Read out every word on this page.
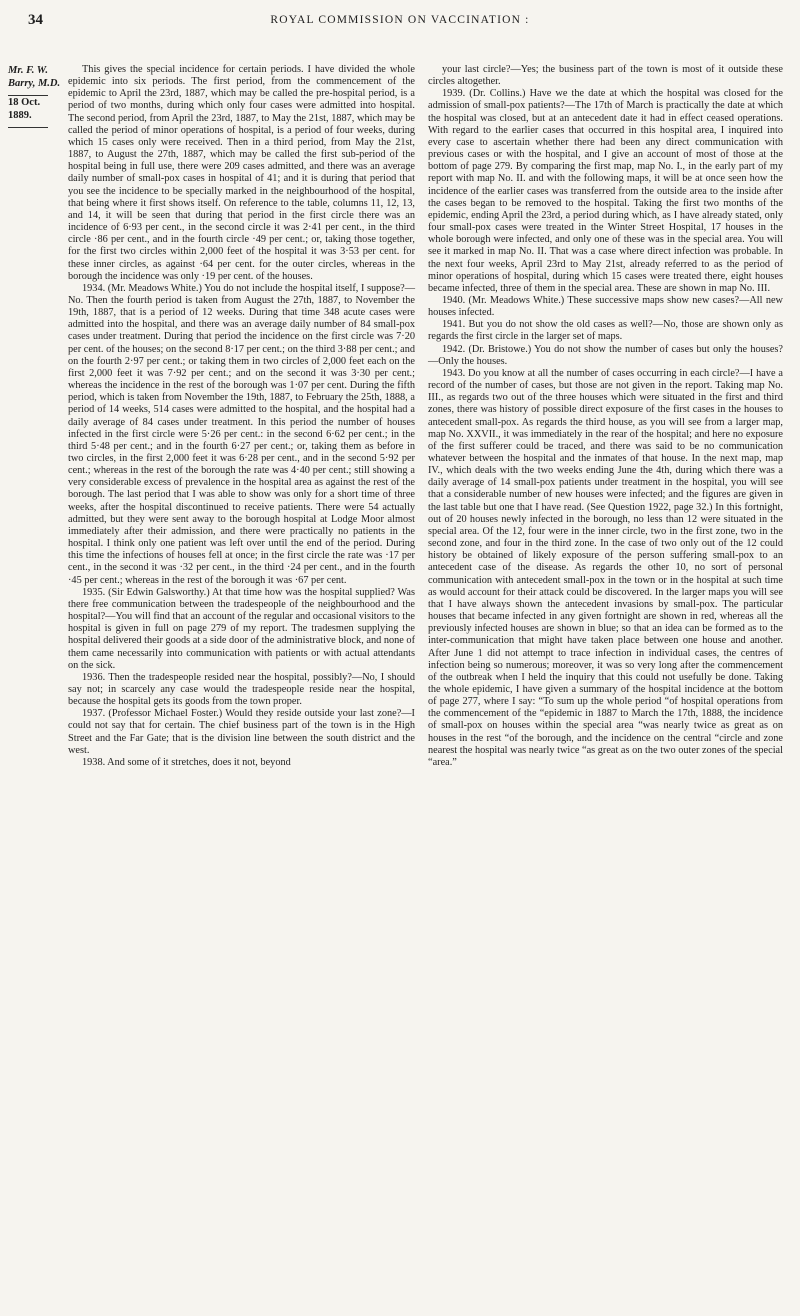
34	ROYAL COMMISSION ON VACCINATION :
Mr. F. W. Barry, M.D.
18 Oct. 1889.

This gives the special incidence for certain periods. I have divided the whole epidemic into six periods. The first period, from the commencement of the epidemic to April the 23rd, 1887, which may be called the pre-hospital period, is a period of two months, during which only four cases were admitted into hospital. The second period, from April the 23rd, 1887, to May the 21st, 1887, which may be called the period of minor operations of hospital, is a period of four weeks, during which 15 cases only were received. Then in a third period, from May the 21st, 1887, to August the 27th, 1887, which may be called the first sub-period of the hospital being in full use, there were 209 cases admitted, and there was an average daily number of small-pox cases in hospital of 41; and it is during that period that you see the incidence to be specially marked in the neighbourhood of the hospital, that being where it first shows itself. On reference to the table, columns 11, 12, 13, and 14, it will be seen that during that period in the first circle there was an incidence of 6·93 per cent., in the second circle it was 2·41 per cent., in the third circle ·86 per cent., and in the fourth circle ·49 per cent.; or, taking those together, for the first two circles within 2,000 feet of the hospital it was 3·53 per cent. for these inner circles, as against ·64 per cent. for the outer circles, whereas in the borough the incidence was only ·19 per cent. of the houses.

1934. (Mr. Meadows White.) You do not include the hospital itself, I suppose?—No. Then the fourth period is taken from August the 27th, 1887, to November the 19th, 1887, that is a period of 12 weeks. During that time 348 acute cases were admitted into the hospital, and there was an average daily number of 84 small-pox cases under treatment. During that period the incidence on the first circle was 7·20 per cent. of the houses; on the second 8·17 per cent.; on the third 3·88 per cent.; and on the fourth 2·97 per cent.; or taking them in two circles of 2,000 feet each on the first 2,000 feet it was 7·92 per cent.; and on the second it was 3·30 per cent.; whereas the incidence in the rest of the borough was 1·07 per cent. During the fifth period, which is taken from November the 19th, 1887, to February the 25th, 1888, a period of 14 weeks, 514 cases were admitted to the hospital, and the hospital had a daily average of 84 cases under treatment. In this period the number of houses infected in the first circle were 5·26 per cent.: in the second 6·62 per cent.; in the third 5·48 per cent.; and in the fourth 6·27 per cent.; or, taking them as before in two circles, in the first 2,000 feet it was 6·28 per cent., and in the second 5·92 per cent.; whereas in the rest of the borough the rate was 4·40 per cent.; still showing a very considerable excess of prevalence in the hospital area as against the rest of the borough. The last period that I was able to show was only for a short time of three weeks, after the hospital discontinued to receive patients. There were 54 actually admitted, but they were sent away to the borough hospital at Lodge Moor almost immediately after their admission, and there were practically no patients in the hospital. I think only one patient was left over until the end of the period. During this time the infections of houses fell at once; in the first circle the rate was ·17 per cent., in the second it was ·32 per cent., in the third ·24 per cent., and in the fourth ·45 per cent.; whereas in the rest of the borough it was ·67 per cent.

1935. (Sir Edwin Galsworthy.) At that time how was the hospital supplied? Was there free communication between the tradespeople of the neighbourhood and the hospital?—You will find that an account of the regular and occasional visitors to the hospital is given in full on page 279 of my report. The tradesmen supplying the hospital delivered their goods at a side door of the administrative block, and none of them came necessarily into communication with patients or with actual attendants on the sick.

1936. Then the tradespeople resided near the hospital, possibly?—No, I should say not; in scarcely any case would the tradespeople reside near the hospital, because the hospital gets its goods from the town proper.

1937. (Professor Michael Foster.) Would they reside outside your last zone?—I could not say that for certain. The chief business part of the town is in the High Street and the Far Gate; that is the division line between the south district and the west.

1938. And some of it stretches, does it not, beyond

your last circle?—Yes; the business part of the town is most of it outside these circles altogether.

1939. (Dr. Collins.) Have we the date at which the hospital was closed for the admission of small-pox patients?—The 17th of March is practically the date at which the hospital was closed, but at an antecedent date it had in effect ceased operations. With regard to the earlier cases that occurred in this hospital area, I inquired into every case to ascertain whether there had been any direct communication with previous cases or with the hospital, and I give an account of most of those at the bottom of page 279. By comparing the first map, map No. I., in the early part of my report with map No. II. and with the following maps, it will be at once seen how the incidence of the earlier cases was transferred from the outside area to the inside after the cases began to be removed to the hospital. Taking the first two months of the epidemic, ending April the 23rd, a period during which, as I have already stated, only four small-pox cases were treated in the Winter Street Hospital, 17 houses in the whole borough were infected, and only one of these was in the special area. You will see it marked in map No. II. That was a case where direct infection was probable. In the next four weeks, April 23rd to May 21st, already referred to as the period of minor operations of hospital, during which 15 cases were treated there, eight houses became infected, three of them in the special area. These are shown in map No. III.

1940. (Mr. Meadows White.) These successive maps show new cases?—All new houses infected.

1941. But you do not show the old cases as well?—No, those are shown only as regards the first circle in the larger set of maps.

1942. (Dr. Bristowe.) You do not show the number of cases but only the houses?—Only the houses.

1943. Do you know at all the number of cases occurring in each circle?—I have a record of the number of cases, but those are not given in the report. Taking map No. III., as regards two out of the three houses which were situated in the first and third zones, there was history of possible direct exposure of the first cases in the houses to antecedent small-pox. As regards the third house, as you will see from a larger map, map No. XXVII., it was immediately in the rear of the hospital; and here no exposure of the first sufferer could be traced, and there was said to be no communication whatever between the hospital and the inmates of that house. In the next map, map IV., which deals with the two weeks ending June the 4th, during which there was a daily average of 14 small-pox patients under treatment in the hospital, you will see that a considerable number of new houses were infected; and the figures are given in the last table but one that I have read. (See Question 1922, page 32.) In this fortnight, out of 20 houses newly infected in the borough, no less than 12 were situated in the special area. Of the 12, four were in the inner circle, two in the first zone, two in the second zone, and four in the third zone. In the case of two only out of the 12 could history be obtained of likely exposure of the person suffering small-pox to an antecedent case of the disease. As regards the other 10, no sort of personal communication with antecedent small-pox in the town or in the hospital at such time as would account for their attack could be discovered. In the larger maps you will see that I have always shown the antecedent invasions by small-pox. The particular houses that became infected in any given fortnight are shown in red, whereas all the previously infected houses are shown in blue; so that an idea can be formed as to the inter-communication that might have taken place between one house and another. After June 1 did not attempt to trace infection in individual cases, the centres of infection being so numerous; moreover, it was so very long after the commencement of the outbreak when I held the inquiry that this could not usefully be done. Taking the whole epidemic, I have given a summary of the hospital incidence at the bottom of page 277, where I say: “To sum up the whole period “of hospital operations from the commencement of the “epidemic in 1887 to March the 17th, 1888, the incidence of small-pox on houses within the special area “was nearly twice as great as on houses in the rest “of the borough, and the incidence on the central “circle and zone nearest the hospital was nearly twice “as great as on the two outer zones of the special “area.”
